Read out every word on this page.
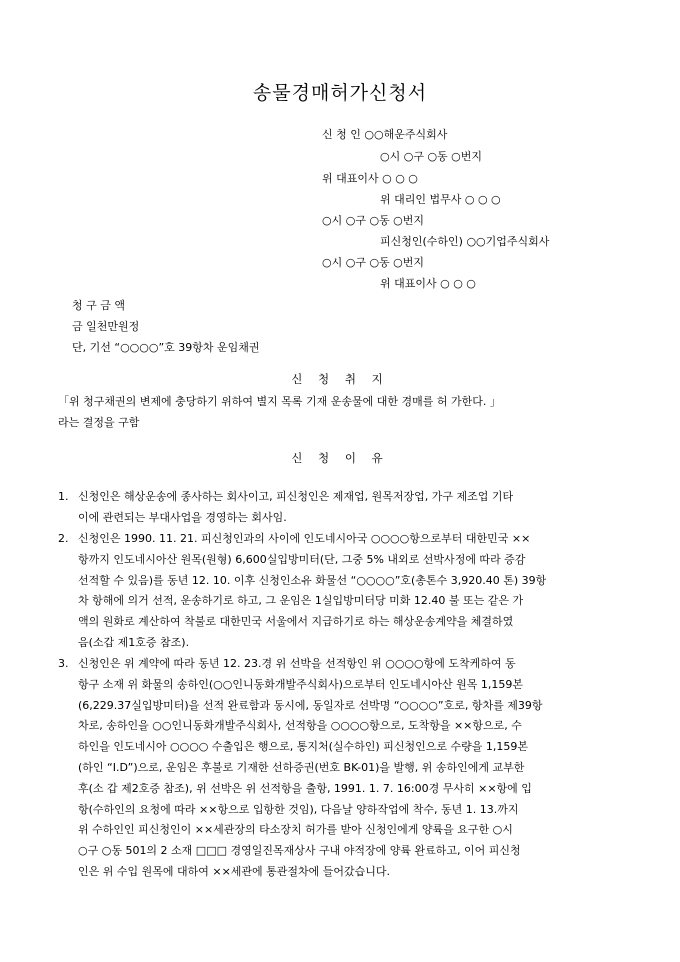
송물경매허가신청서
신 청 인 ○○해운주식회사
○시 ○구 ○동 ○번지
위 대표이사 ○ ○ ○
위 대리인 법무사 ○ ○ ○
○시 ○구 ○동 ○번지
피신청인(수하인) ○○기업주식회사
○시 ○구 ○동 ○번지
위 대표이사 ○ ○ ○
청 구 금 액
금 일천만원정
단, 기선 “○○○○”호 39항차 운임채권
신 청 취 지
「위 청구채권의 변제에 충당하기 위하여 별지 목록 기재 운송물에 대한 경매를 허 가한다. 」
라는 결정을 구함
신 청 이 유
1. 신청인은 해상운송에 종사하는 회사이고, 피신청인은 제재업, 원목저장업, 가구 제조업 기타
이에 관련되는 부대사업을 경영하는 회사임.
2. 신청인은 1990. 11. 21. 피신청인과의 사이에 인도네시아국 ○○○○항으로부터 대한민국 ××
항까지 인도네시아산 원목(원형) 6,600실입방미터(단, 그중 5% 내외로 선박사정에 따라 증감
선적할 수 있음)를 동년 12. 10. 이후 신청인소유 화물선 “○○○○”호(총톤수 3,920.40 톤) 39항
차 항해에 의거 선적, 운송하기로 하고, 그 운임은 1실입방미터당 미화 12.40 불 또는 같은 가
액의 원화로 계산하여 착불로 대한민국 서울에서 지급하기로 하는 해상운송계약을 체결하였
음(소갑 제1호증 참조).
3. 신청인은 위 계약에 따라 동년 12. 23.경 위 선박을 선적항인 위 ○○○○항에 도착케하여 동
항구 소재 위 화물의 송하인(○○인니동화개발주식회사)으로부터 인도네시아산 원목 1,159본
(6,229.37실입방미터)을 선적 완료함과 동시에, 동일자로 선박명 “○○○○”호로, 항차를 제39항
차로, 송하인을 ○○인니동화개발주식회사, 선적항을 ○○○○항으로, 도착항을 ××항으로, 수
하인을 인도네시아 ○○○○ 수출입은 행으로, 통지처(실수하인) 피신청인으로 수량을 1,159본
(하인 “I.D”)으로, 운임은 후불로 기재한 선하증권(번호 BK-01)을 발행, 위 송하인에게 교부한
후(소 갑 제2호증 참조), 위 선박은 위 선적항을 출항, 1991. 1. 7. 16:00경 무사히 ××항에 입
항(수하인의 요청에 따라 ××항으로 입항한 것임), 다음날 양하작업에 착수, 동년 1. 13.까지
위 수하인인 피신청인이 ××세관장의 타소장치 허가를 받아 신청인에게 양륙을 요구한 ○시
○구 ○동 501의 2 소재 □□□ 경영일진목재상사 구내 야적장에 양륙 완료하고, 이어 피신청
인은 위 수입 원목에 대하여 ××세관에 통관절차에 들어갔습니다.
